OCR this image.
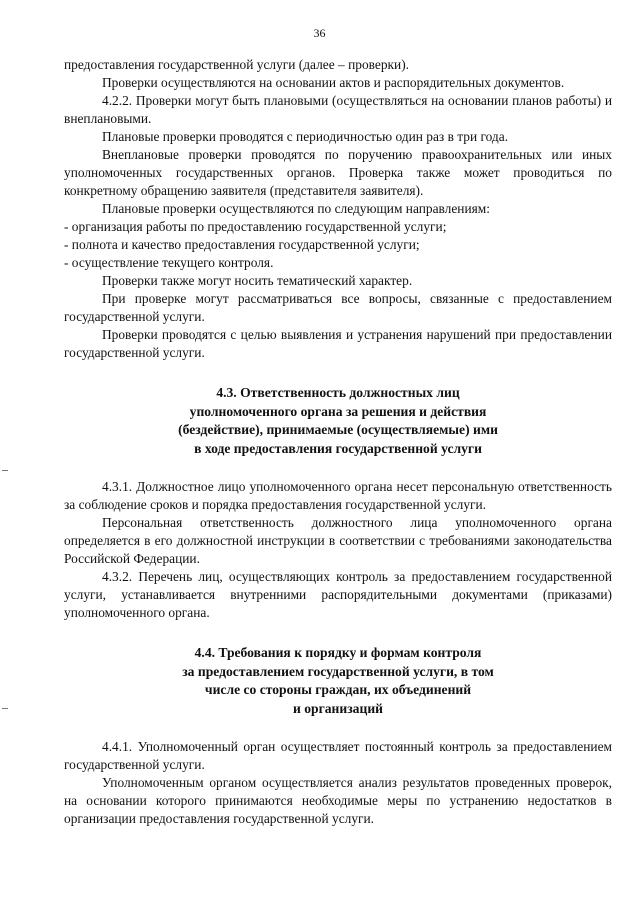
36

предоставления государственной услуги (далее – проверки).

Проверки осуществляются на основании актов и распорядительных документов.

4.2.2. Проверки могут быть плановыми (осуществляться на основании планов работы) и внеплановыми.

Плановые проверки проводятся с периодичностью один раз в три года.

Внеплановые проверки проводятся по поручению правоохранительных или иных уполномоченных государственных органов. Проверка также может проводиться по конкретному обращению заявителя (представителя заявителя).

Плановые проверки осуществляются по следующим направлениям:

- организация работы по предоставлению государственной услуги;

- полнота и качество предоставления государственной услуги;

- осуществление текущего контроля.

Проверки также могут носить тематический характер.

При проверке могут рассматриваться все вопросы, связанные с предоставлением государственной услуги.

Проверки проводятся с целью выявления и устранения нарушений при предоставлении государственной услуги.

4.3. Ответственность должностных лиц
уполномоченного органа за решения и действия
(бездействие), принимаемые (осуществляемые) ими
в ходе предоставления государственной услуги

4.3.1. Должностное лицо уполномоченного органа несет персональную ответственность за соблюдение сроков и порядка предоставления государственной услуги.

Персональная ответственность должностного лица уполномоченного органа определяется в его должностной инструкции в соответствии с требованиями законодательства Российской Федерации.

4.3.2. Перечень лиц, осуществляющих контроль за предоставлением государственной услуги, устанавливается внутренними распорядительными документами (приказами) уполномоченного органа.

4.4. Требования к порядку и формам контроля
за предоставлением государственной услуги, в том
числе со стороны граждан, их объединений
и организаций

4.4.1. Уполномоченный орган осуществляет постоянный контроль за предоставлением государственной услуги.

Уполномоченным органом осуществляется анализ результатов проведенных проверок, на основании которого принимаются необходимые меры по устранению недостатков в организации предоставления государственной услуги.
